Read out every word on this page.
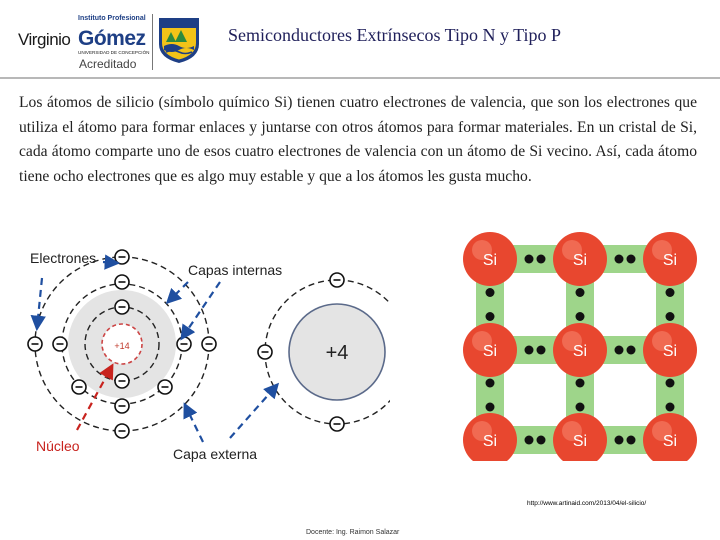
Instituto Profesional
Virginio Gómez
UNIVERSIDAD DE CONCEPCIÓN
Acreditado
Semiconductores Extrínsecos Tipo N y Tipo P
Los átomos de silicio (símbolo químico Si) tienen cuatro electrones de valencia, que son los electrones que utiliza el átomo para formar enlaces y juntarse con otros átomos para formar materiales. En un cristal de Si, cada átomo comparte uno de esos cuatro electrones de valencia con un átomo de Si vecino. Así, cada átomo tiene ocho electrones que es algo muy estable y que a los átomos les gusta mucho.
+14	+4
Electrones
Capas internas
Núcleo	Capa externa
Si	Si	Si
Si	Si	Si
Si	Si	Si
http://www.artinaid.com/2013/04/el-silicio/
Docente: Ing. Raimon Salazar
